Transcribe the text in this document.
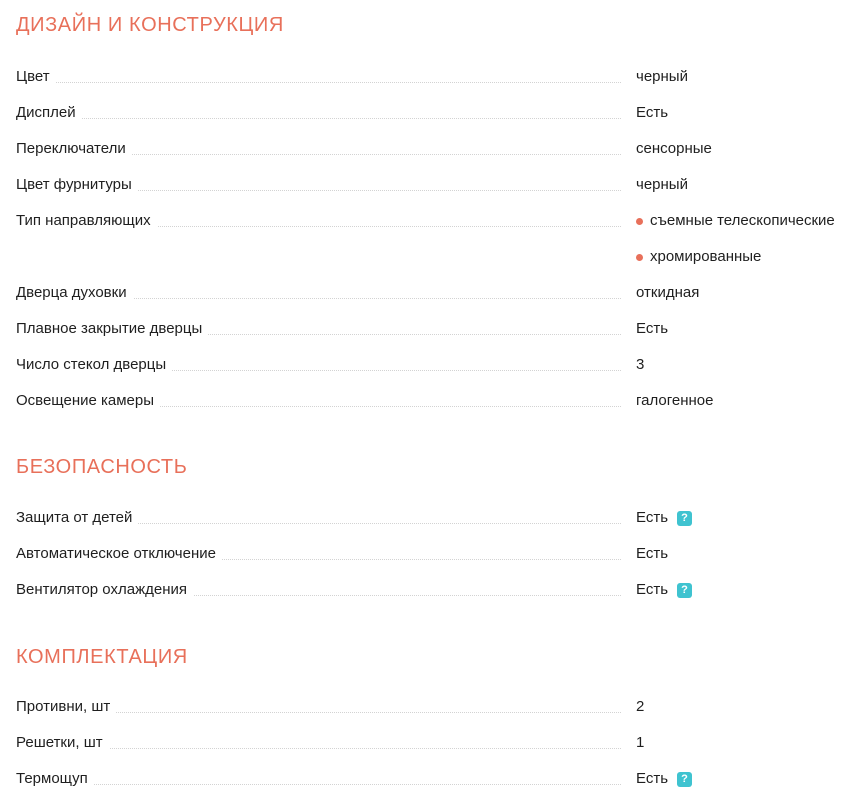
ДИЗАЙН И КОНСТРУКЦИЯ
Цвет	черный
Дисплей	Есть
Переключатели	сенсорные
Цвет фурнитуры	черный
Тип направляющих	съемные телескопические
хромированные
Дверца духовки	откидная
Плавное закрытие дверцы	Есть
Число стекол дверцы	3
Освещение камеры	галогенное
БЕЗОПАСНОСТЬ
Защита от детей	Есть	?
Автоматическое отключение	Есть
Вентилятор охлаждения	Есть	?
КОМПЛЕКТАЦИЯ
Противни, шт	2
Решетки, шт	1
Термощуп	Есть	?
